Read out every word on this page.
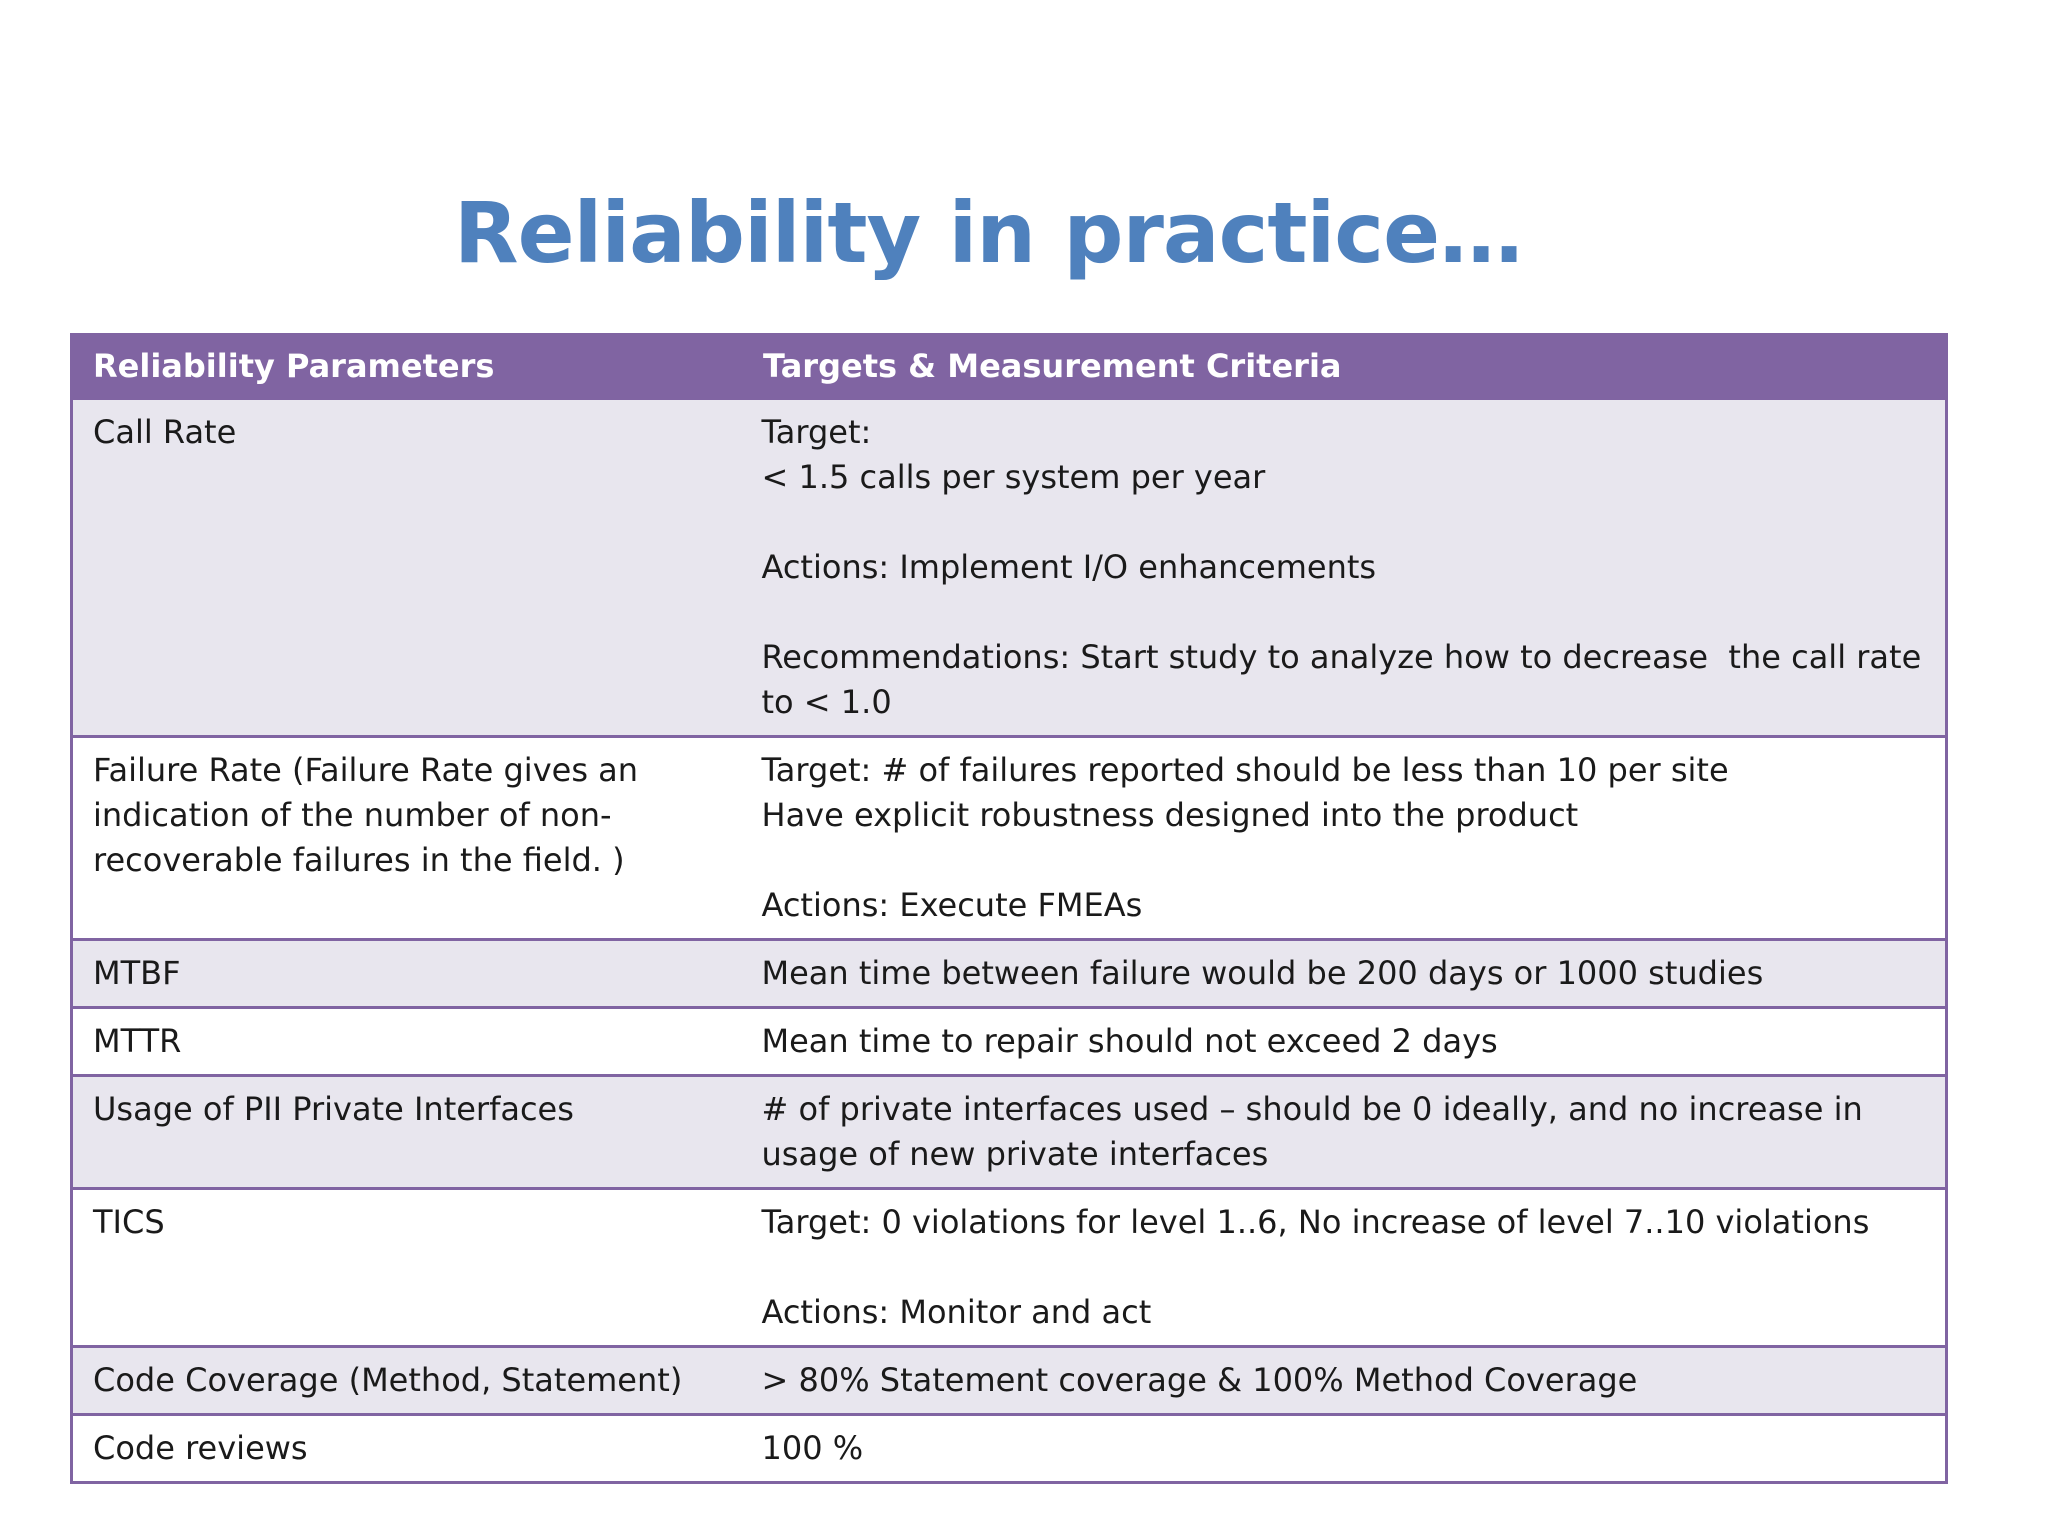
Reliability in practice…
Reliability Parameters	Targets & Measurement Criteria
Call Rate	Target:
< 1.5 calls per system per year
Actions: Implement I/O enhancements
Recommendations: Start study to analyze how to decrease  the call rate to < 1.0

Failure Rate (Failure Rate gives an indication of the number of non-recoverable failures in the field. )	Target: # of failures reported should be less than 10 per site
Have explicit robustness designed into the product
Actions: Execute FMEAs

MTBF	Mean time between failure would be 200 days or 1000 studies

MTTR	Mean time to repair should not exceed 2 days

Usage of PII Private Interfaces	# of private interfaces used – should be 0 ideally, and no increase in usage of new private interfaces

TICS	Target: 0 violations for level 1..6, No increase of level 7..10 violations
Actions: Monitor and act

Code Coverage (Method, Statement)	> 80% Statement coverage & 100% Method Coverage

Code reviews	100 %
